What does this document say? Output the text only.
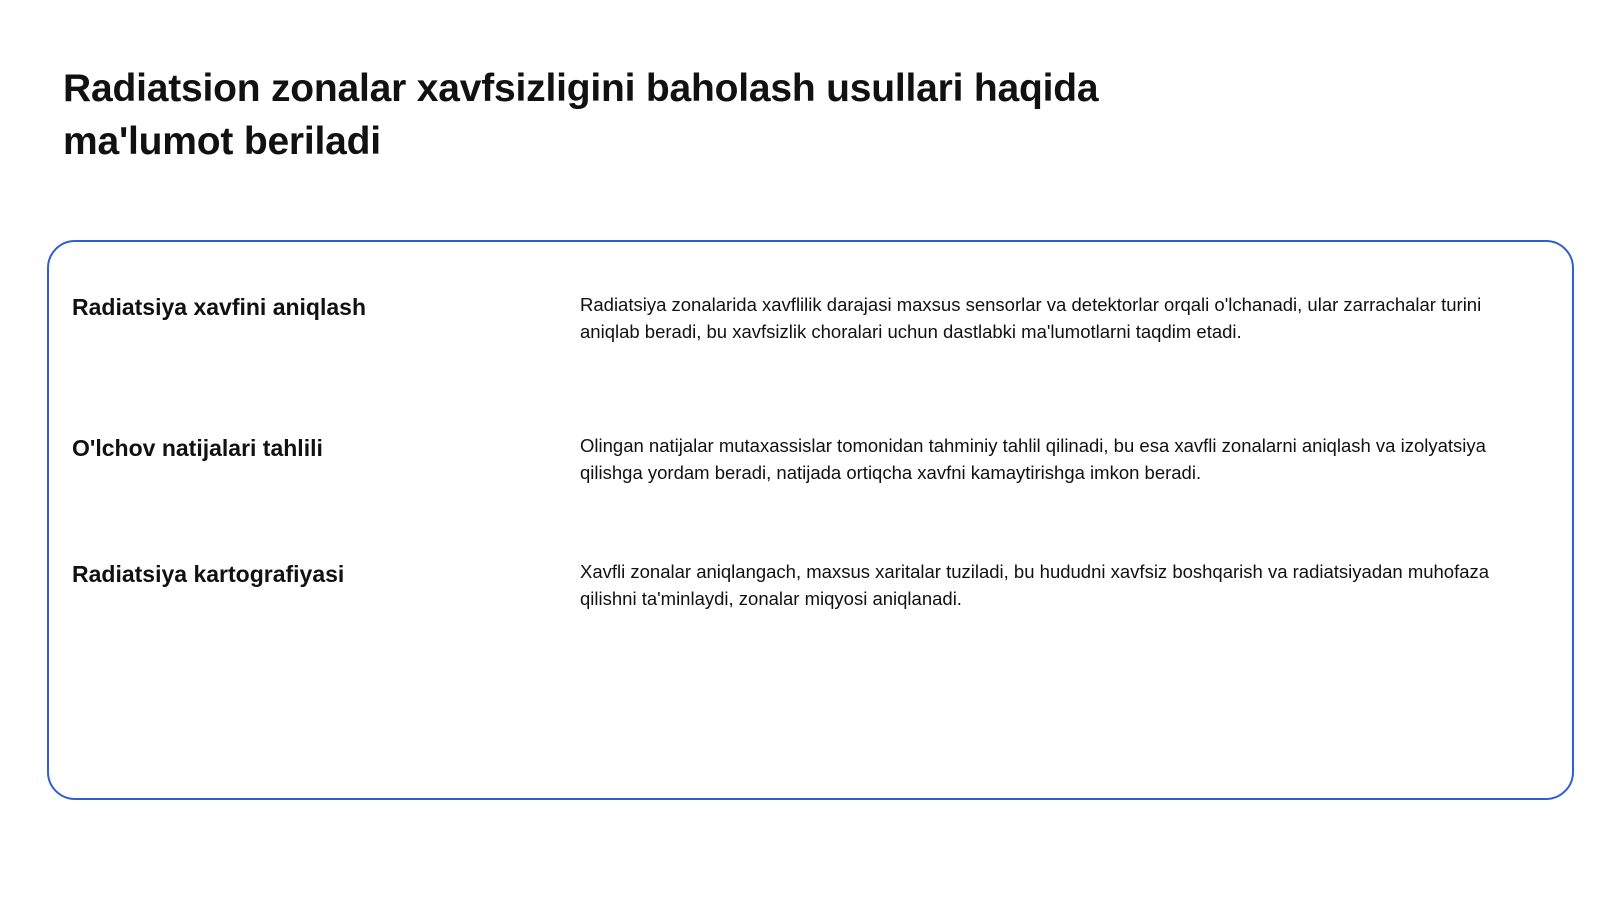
Radiatsion zonalar xavfsizligini baholash usullari haqida ma'lumot beriladi
Radiatsiya xavfini aniqlash	Radiatsiya zonalarida xavflilik darajasi maxsus sensorlar va detektorlar orqali o'lchanadi, ular zarrachalar turini aniqlab beradi, bu xavfsizlik choralari uchun dastlabki ma'lumotlarni taqdim etadi.

O'lchov natijalari tahlili	Olingan natijalar mutaxassislar tomonidan tahminiy tahlil qilinadi, bu esa xavfli zonalarni aniqlash va izolyatsiya qilishga yordam beradi, natijada ortiqcha xavfni kamaytirishga imkon beradi.

Radiatsiya kartografiyasi	Xavfli zonalar aniqlangach, maxsus xaritalar tuziladi, bu hududni xavfsiz boshqarish va radiatsiyadan muhofaza qilishni ta'minlaydi, zonalar miqyosi aniqlanadi.
